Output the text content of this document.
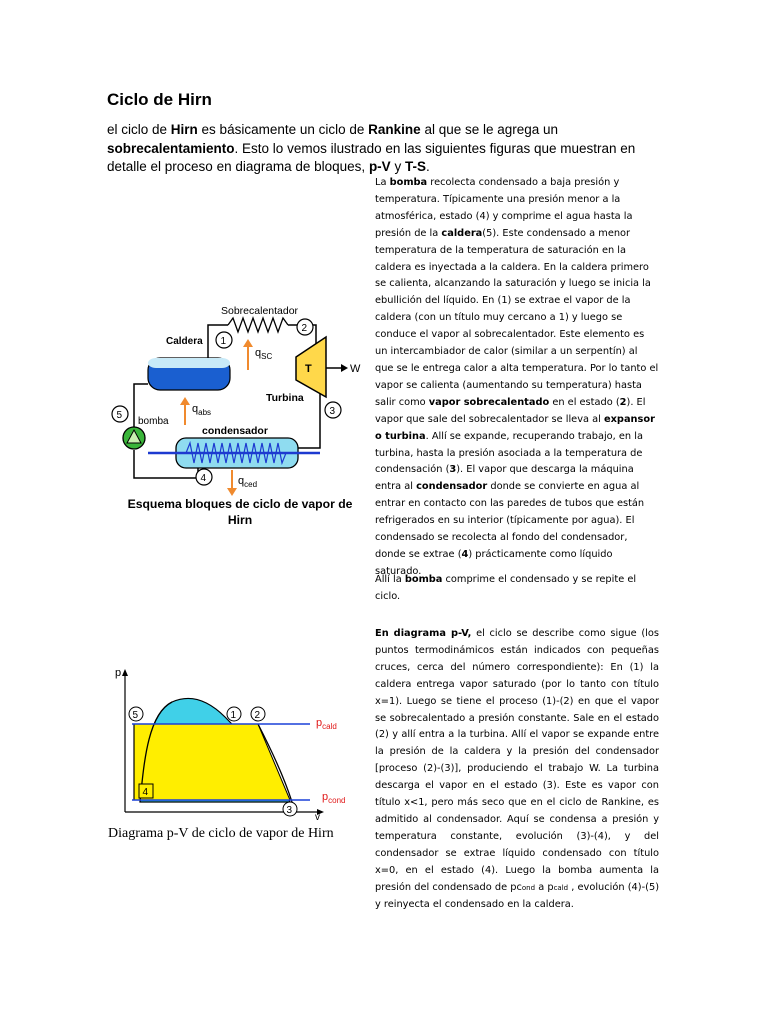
Ciclo de Hirn

el ciclo de Hirn es básicamente un ciclo de Rankine al que se le agrega un sobrecalentamiento. Esto lo vemos ilustrado en las siguientes figuras que muestran en detalle el proceso en diagrama de bloques, p-V y T-S.

Caldera
Sobrecalentador
T
Turbina
W
1
2
3
4
5
bomba
condensador
$q_{abs}$
$q_{SC}$
$q_{ced}$
Esquema bloques de ciclo de vapor de Hirn
p
v
$p_{cald}$
$p_{cond}$
5	1 2
3
4
Diagrama p-V de ciclo de vapor de Hirn

La bomba recolecta condensado a baja presión y temperatura. Típicamente una presión menor a la atmosférica, estado (4) y comprime el agua hasta la presión de la caldera(5). Este condensado a menor temperatura de la temperatura de saturación en la caldera es inyectada a la caldera. En la caldera primero se calienta, alcanzando la saturación y luego se inicia la ebullición del líquido. En (1) se extrae el vapor de la caldera (con un título muy cercano a 1) y luego se conduce el vapor al sobrecalentador. Este elemento es un intercambiador de calor (similar a un serpentín) al que se le entrega calor a alta temperatura. Por lo tanto el vapor se calienta (aumentando su temperatura) hasta salir como vapor sobrecalentado en el estado (2). El vapor que sale del sobrecalentador se lleva al expansor o turbina. Allí se expande, recuperando trabajo, en la turbina, hasta la presión asociada a la temperatura de condensación (3). El vapor que descarga la máquina entra al condensador donde se convierte en agua al entrar en contacto con las paredes de tubos que están refrigerados en su interior (típicamente por agua). El condensado se recolecta al fondo del condensador, donde se extrae (4) prácticamente como líquido saturado.

Allí la bomba comprime el condensado y se repite el ciclo.

En diagrama p-V, el ciclo se describe como sigue (los puntos termodinámicos están indicados con pequeñas cruces, cerca del número correspondiente): En (1) la caldera entrega vapor saturado (por lo tanto con título x=1). Luego se tiene el proceso (1)-(2) en que el vapor se sobrecalentado a presión constante. Sale en el estado (2) y allí entra a la turbina. Allí el vapor se expande entre la presión de la caldera y la presión del condensador [proceso (2)-(3)], produciendo el trabajo W. La turbina descarga el vapor en el estado (3). Este es vapor con título x<1, pero más seco que en el ciclo de Rankine, es admitido al condensador. Aquí se condensa a presión y temperatura constante, evolución (3)-(4), y del condensador se extrae líquido condensado con título x=0, en el estado (4). Luego la bomba aumenta la presión del condensado de pcond a pcald , evolución (4)-(5) y reinyecta el condensado en la caldera.
